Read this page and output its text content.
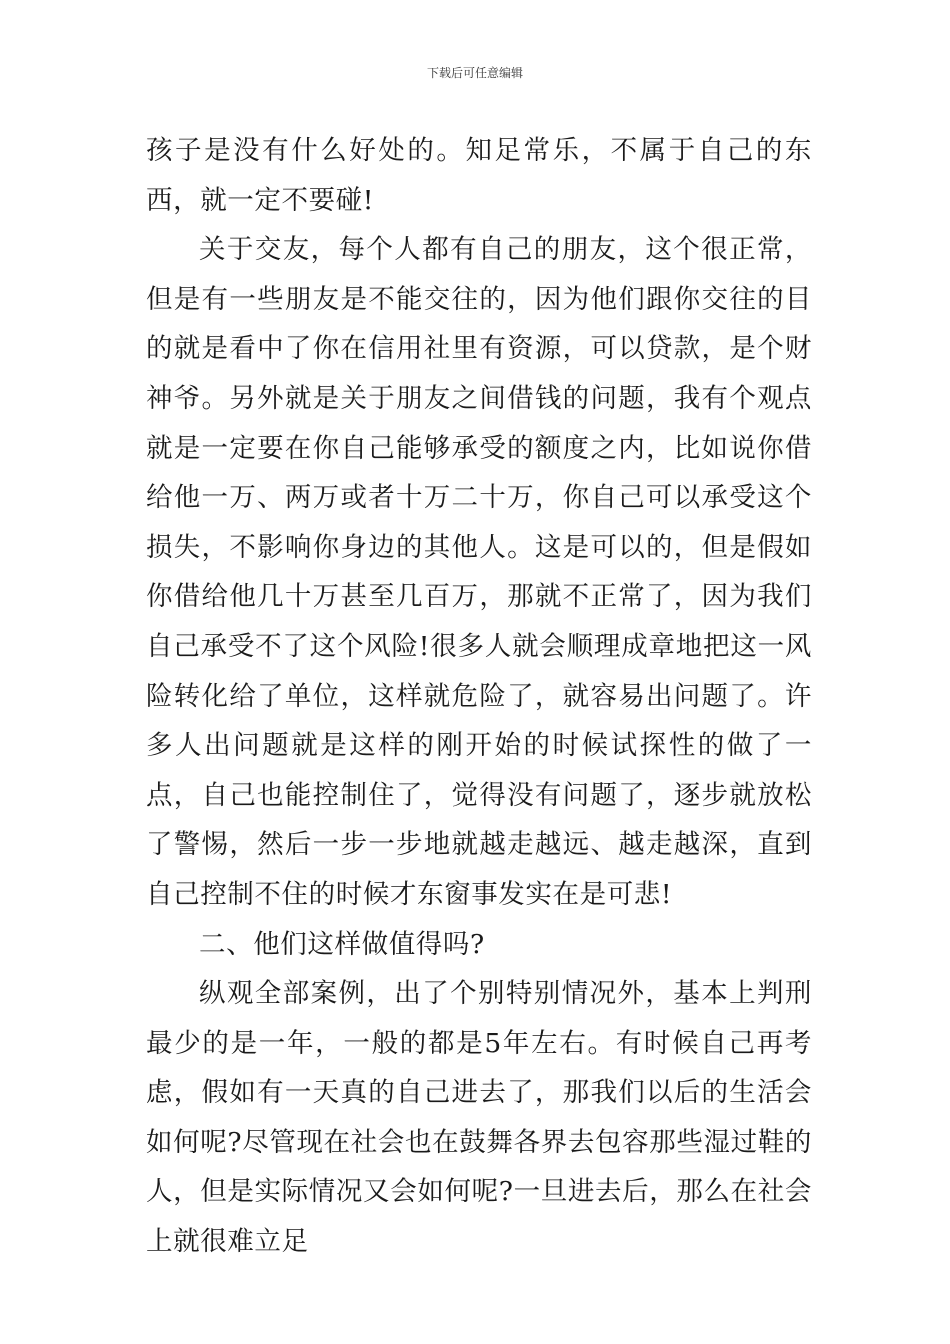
下载后可任意编辑

孩子是没有什么好处的。知足常乐，不属于自己的东西，就一定不要碰!

关于交友，每个人都有自己的朋友，这个很正常，但是有一些朋友是不能交往的，因为他们跟你交往的目的就是看中了你在信用社里有资源，可以贷款，是个财神爷。另外就是关于朋友之间借钱的问题，我有个观点就是一定要在你自己能够承受的额度之内，比如说你借给他一万、两万或者十万二十万，你自己可以承受这个损失，不影响你身边的其他人。这是可以的，但是假如你借给他几十万甚至几百万，那就不正常了，因为我们自己承受不了这个风险!很多人就会顺理成章地把这一风险转化给了单位，这样就危险了，就容易出问题了。许多人出问题就是这样的刚开始的时候试探性的做了一点，自己也能控制住了，觉得没有问题了，逐步就放松了警惕，然后一步一步地就越走越远、越走越深，直到自己控制不住的时候才东窗事发实在是可悲!

二、他们这样做值得吗?

纵观全部案例，出了个别特别情况外，基本上判刑最少的是一年，一般的都是5年左右。有时候自己再考虑，假如有一天真的自己进去了，那我们以后的生活会如何呢?尽管现在社会也在鼓舞各界去包容那些湿过鞋的人，但是实际情况又会如何呢?一旦进去后，那么在社会上就很难立足
